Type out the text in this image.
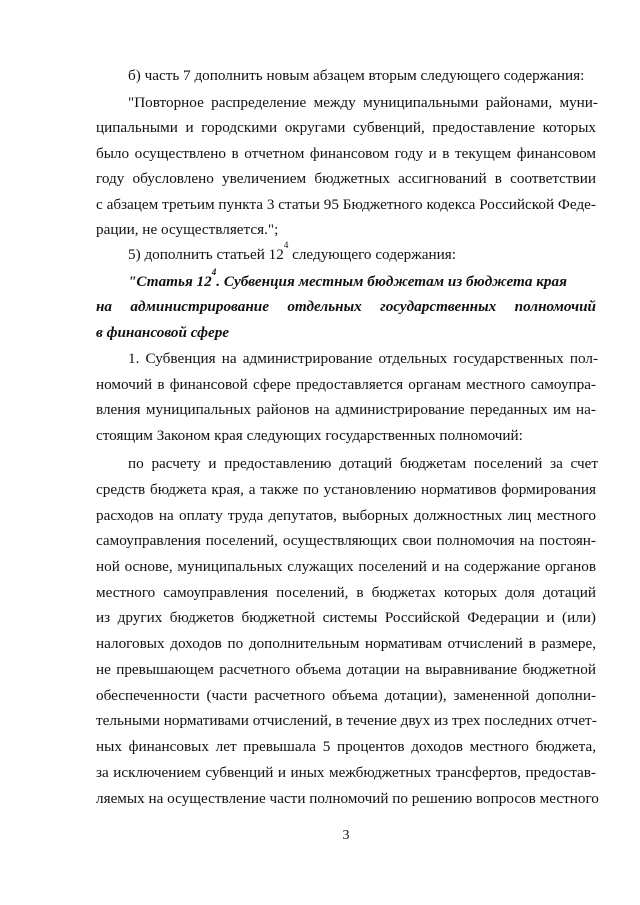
б) часть 7 дополнить новым абзацем вторым следующего содержания:
"Повторное распределение между муниципальными районами, муни-
ципальными и городскими округами субвенций, предоставление которых
было осуществлено в отчетном финансовом году и в текущем финансовом
году обусловлено увеличением бюджетных ассигнований в соответствии
с абзацем третьим пункта 3 статьи 95 Бюджетного кодекса Российской Феде-
рации, не осуществляется.";
5) дополнить статьей $12^4$ следующего содержания:
"Статья $12^4$. Субвенция местным бюджетам из бюджета края
на администрирование отдельных государственных полномочий
в финансовой сфере
1. Субвенция на администрирование отдельных государственных пол-
номочий в финансовой сфере предоставляется органам местного самоупра-
вления муниципальных районов на администрирование переданных им на-
стоящим Законом края следующих государственных полномочий:
по расчету и предоставлению дотаций бюджетам поселений за счет
средств бюджета края, а также по установлению нормативов формирования
расходов на оплату труда депутатов, выборных должностных лиц местного
самоуправления поселений, осуществляющих свои полномочия на постоян-
ной основе, муниципальных служащих поселений и на содержание органов
местного самоуправления поселений, в бюджетах которых доля дотаций
из других бюджетов бюджетной системы Российской Федерации и (или)
налоговых доходов по дополнительным нормативам отчислений в размере,
не превышающем расчетного объема дотации на выравнивание бюджетной
обеспеченности (части расчетного объема дотации), замененной дополни-
тельными нормативами отчислений, в течение двух из трех последних отчет-
ных финансовых лет превышала 5 процентов доходов местного бюджета,
за исключением субвенций и иных межбюджетных трансфертов, предостав-
ляемых на осуществление части полномочий по решению вопросов местного
3
